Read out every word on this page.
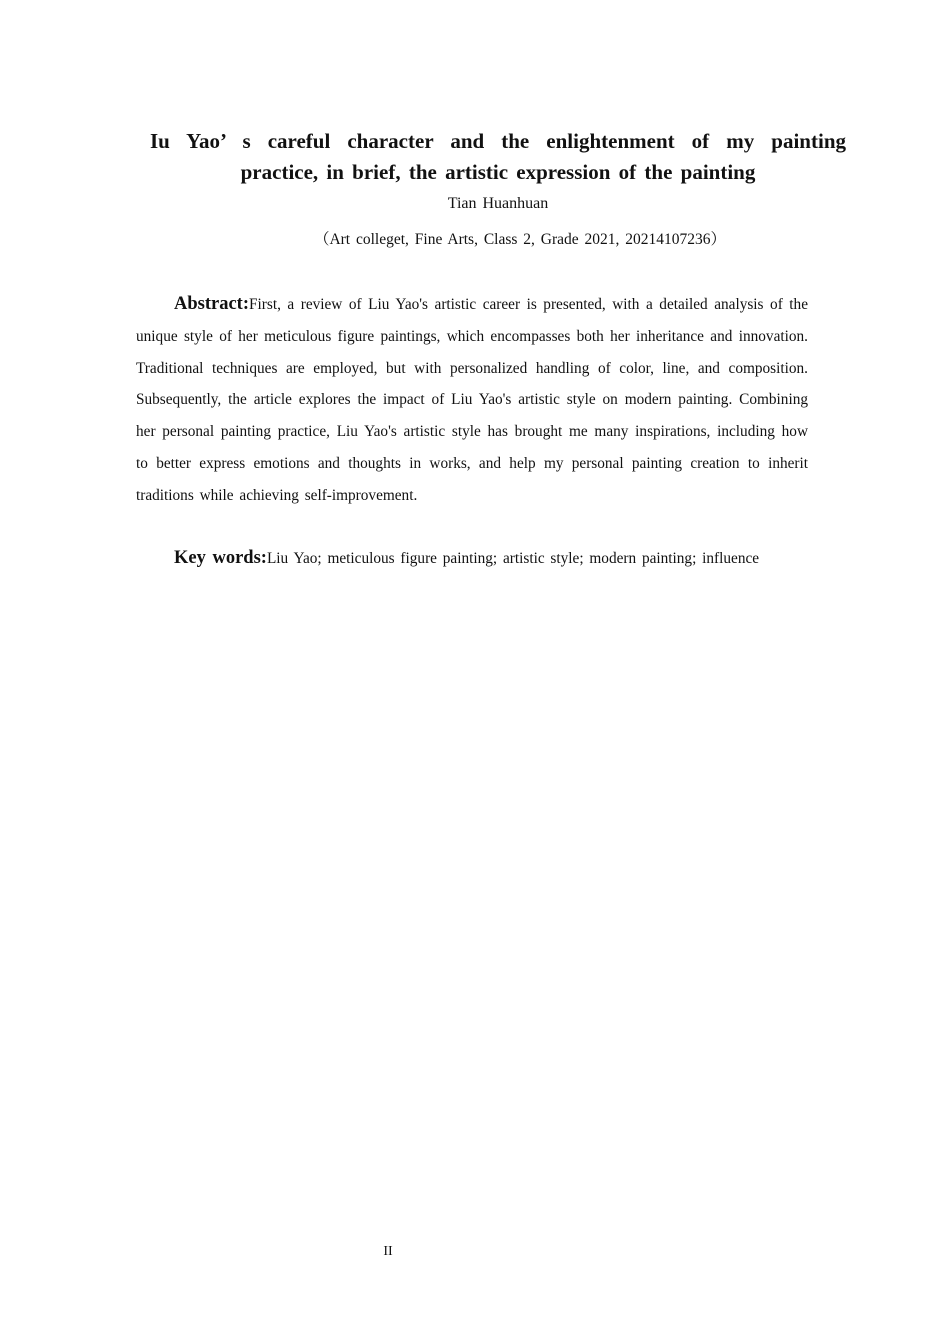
Iu Yao’ s careful character and the enlightenment of my painting
practice, in brief, the artistic expression of the painting
Tian Huanhuan
（Art colleget, Fine Arts, Class 2, Grade 2021, 20214107236）

Abstract:First, a review of Liu Yao's artistic career is presented, with a detailed analysis of the unique style of her meticulous figure paintings, which encompasses both her inheritance and innovation. Traditional techniques are employed, but with personalized handling of color, line, and composition. Subsequently, the article explores the impact of Liu Yao's artistic style on modern painting. Combining her personal painting practice, Liu Yao's artistic style has brought me many inspirations, including how to better express emotions and thoughts in works, and help my personal painting creation to inherit traditions while achieving self-improvement.

Key words:Liu Yao; meticulous figure painting; artistic style; modern painting; influence

II
